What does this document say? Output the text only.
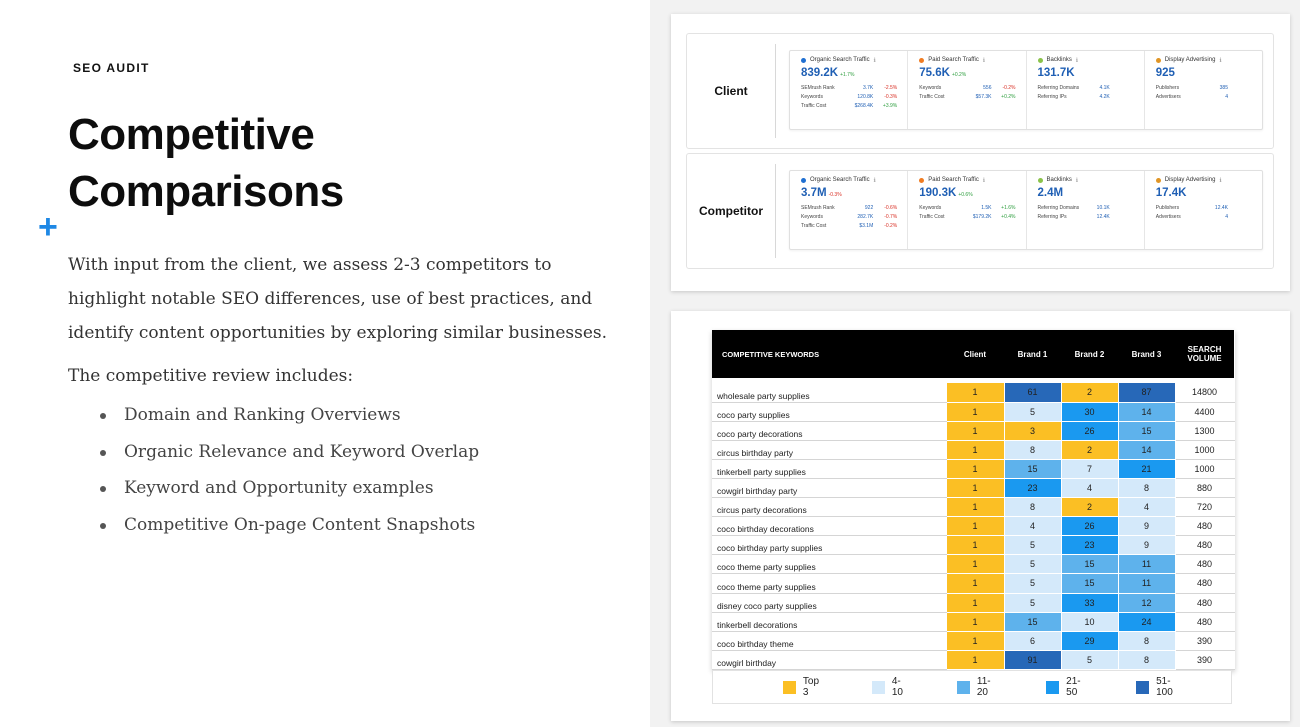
SEO AUDIT
Competitive
Comparisons
+

With input from the client, we assess 2-3 competitors to highlight notable SEO differences, use of best practices, and identify content opportunities by exploring similar businesses.

The competitive review includes:

Domain and Ranking Overviews
Organic Relevance and Keyword Overlap
Keyword and Opportunity examples
Competitive On-page Content Snapshots
Client
Organic Search Traffic ℹ
839.2K +1.7%
SEMrush Rank	3.7K	-2.5%
Keywords	120.8K	-0.3%
Traffic Cost	$268.4K	+3.9%
Paid Search Traffic ℹ
75.6K +0.2%
Keywords	556	-0.2%
Traffic Cost	$57.3K	+0.2%
Backlinks ℹ
131.7K
Referring Domains	4.1K
Referring IPs	4.2K
Display Advertising ℹ
925
Publishers	385
Advertisers	4
Competitor
Organic Search Traffic ℹ
3.7M -0.3%
SEMrush Rank	922	-0.6%
Keywords	282.7K	-0.7%
Traffic Cost	$3.1M	-0.2%
Paid Search Traffic ℹ
190.3K +0.6%
Keywords	1.5K	+1.6%
Traffic Cost	$179.2K	+0.4%
Backlinks ℹ
2.4M
Referring Domains	10.1K
Referring IPs	12.4K
Display Advertising ℹ
17.4K
Publishers	12.4K
Advertisers	4
COMPETITIVE KEYWORDS	Client	Brand 1	Brand 2	Brand 3	SEARCH VOLUME

wholesale party supplies	1	61	2	87	14800
coco party supplies	1	5	30	14	4400
coco party decorations	1	3	26	15	1300
circus birthday party	1	8	2	14	1000
tinkerbell party supplies	1	15	7	21	1000
cowgirl birthday party	1	23	4	8	880
circus party decorations	1	8	2	4	720
coco birthday decorations	1	4	26	9	480
coco birthday party supplies	1	5	23	9	480
coco theme party supplies	1	5	15	11	480
coco theme party supplies	1	5	15	11	480
disney coco party supplies	1	5	33	12	480
tinkerbell decorations	1	15	10	24	480
coco birthday theme	1	6	29	8	390
cowgirl birthday	1	91	5	8	390
Top 3
4-10
11-20
21-50
51-100
